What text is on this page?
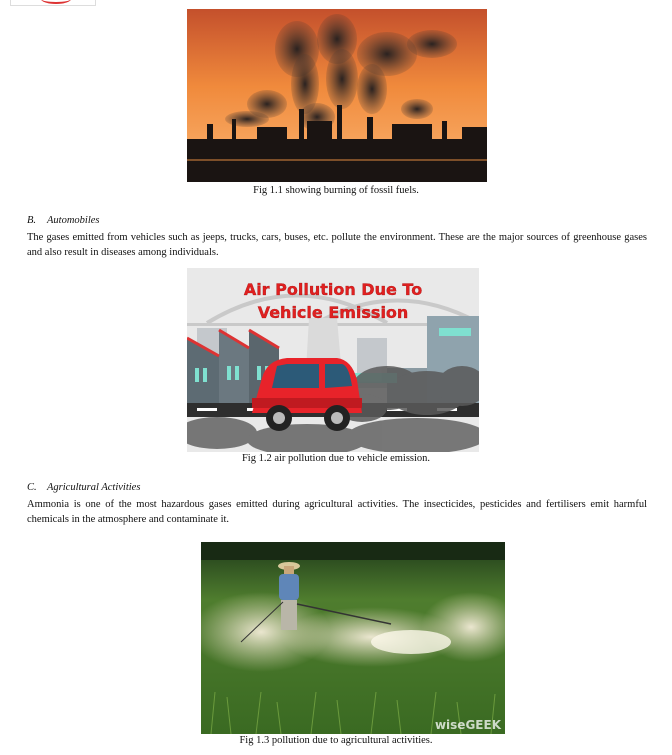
Fig 1.1 showing burning of fossil fuels.
B. Automobiles
The gases emitted from vehicles such as jeeps, trucks, cars, buses, etc. pollute the environment. These are the major sources of greenhouse gases and also result in diseases among individuals.
Air Pollution Due To
Vehicle Emission
Fig 1.2 air pollution due to vehicle emission.
C. Agricultural Activities
Ammonia is one of the most hazardous gases emitted during agricultural activities. The insecticides, pesticides and fertilisers emit harmful chemicals in the atmosphere and contaminate it.
wiseGEEK
Fig 1.3 pollution due to agricultural activities.
